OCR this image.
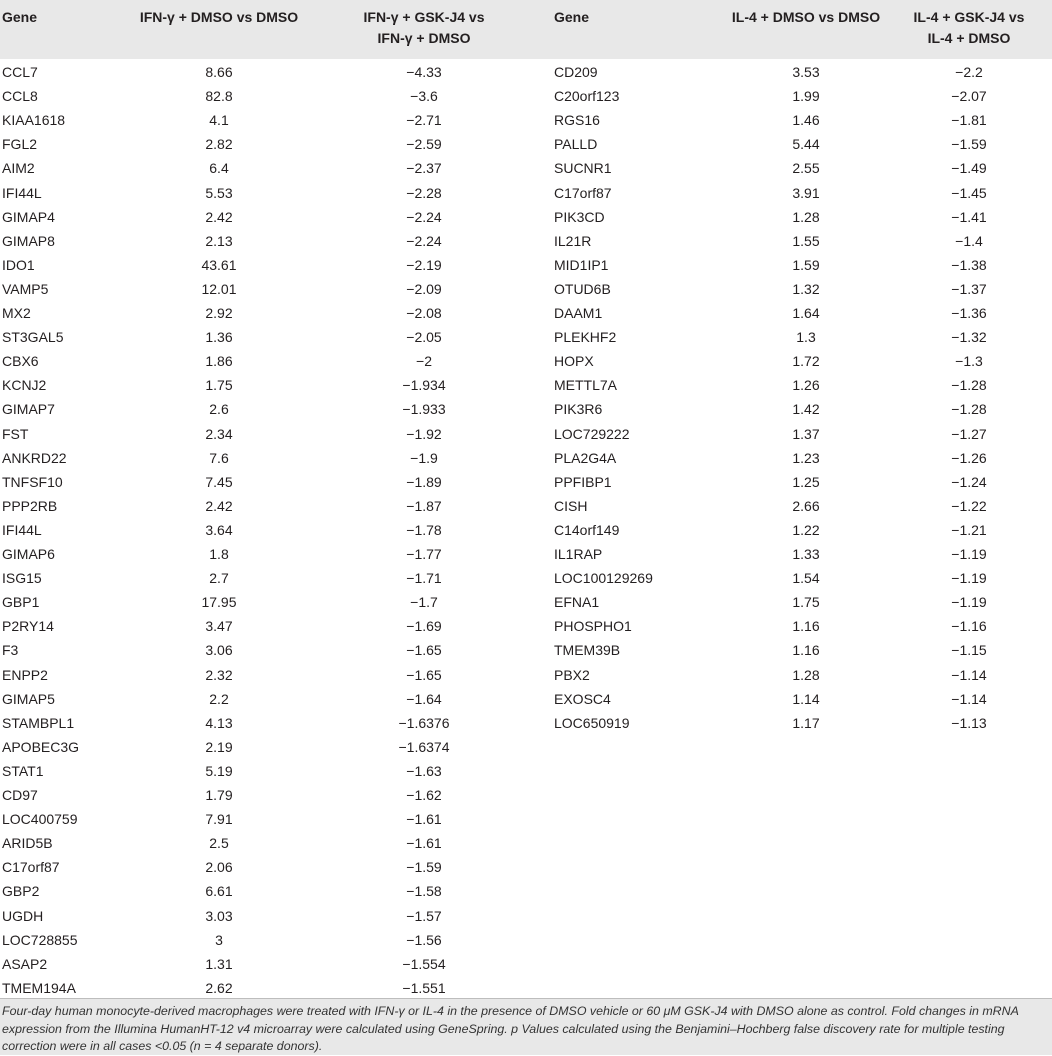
Gene	IFN-γ + DMSO vs DMSO	IFN-γ + GSK-J4 vs
IFN-γ + DMSO
Gene	IL-4 + DMSO vs DMSO	IL-4 + GSK-J4 vs
IL-4 + DMSO
CCL7	8.66	−4.33	CD209	3.53	−2.2
CCL8	82.8	−3.6	C20orf123	1.99	−2.07
KIAA1618	4.1	−2.71	RGS16	1.46	−1.81
FGL2	2.82	−2.59	PALLD	5.44	−1.59
AIM2	6.4	−2.37	SUCNR1	2.55	−1.49
IFI44L	5.53	−2.28	C17orf87	3.91	−1.45
GIMAP4	2.42	−2.24	PIK3CD	1.28	−1.41
GIMAP8	2.13	−2.24	IL21R	1.55	−1.4
IDO1	43.61	−2.19	MID1IP1	1.59	−1.38
VAMP5	12.01	−2.09	OTUD6B	1.32	−1.37
MX2	2.92	−2.08	DAAM1	1.64	−1.36
ST3GAL5	1.36	−2.05	PLEKHF2	1.3	−1.32
CBX6	1.86	−2	HOPX	1.72	−1.3
KCNJ2	1.75	−1.934	METTL7A	1.26	−1.28
GIMAP7	2.6	−1.933	PIK3R6	1.42	−1.28
FST	2.34	−1.92	LOC729222	1.37	−1.27
ANKRD22	7.6	−1.9	PLA2G4A	1.23	−1.26
TNFSF10	7.45	−1.89	PPFIBP1	1.25	−1.24
PPP2RB	2.42	−1.87	CISH	2.66	−1.22
IFI44L	3.64	−1.78	C14orf149	1.22	−1.21
GIMAP6	1.8	−1.77	IL1RAP	1.33	−1.19
ISG15	2.7	−1.71	LOC100129269	1.54	−1.19
GBP1	17.95	−1.7	EFNA1	1.75	−1.19
P2RY14	3.47	−1.69	PHOSPHO1	1.16	−1.16
F3	3.06	−1.65	TMEM39B	1.16	−1.15
ENPP2	2.32	−1.65	PBX2	1.28	−1.14
GIMAP5	2.2	−1.64	EXOSC4	1.14	−1.14
STAMBPL1	4.13	−1.6376	LOC650919	1.17	−1.13
APOBEC3G	2.19	−1.6374
STAT1	5.19	−1.63
CD97	1.79	−1.62
LOC400759	7.91	−1.61
ARID5B	2.5	−1.61
C17orf87	2.06	−1.59
GBP2	6.61	−1.58
UGDH	3.03	−1.57
LOC728855	3	−1.56
ASAP2	1.31	−1.554
TMEM194A	2.62	−1.551

Four-day human monocyte-derived macrophages were treated with IFN-γ or IL-4 in the presence of DMSO vehicle or 60 μM GSK-J4 with DMSO alone as control. Fold changes in mRNA expression from the Illumina HumanHT-12 v4 microarray were calculated using GeneSpring. p Values calculated using the Benjamini–Hochberg false discovery rate for multiple testing correction were in all cases <0.05 (n = 4 separate donors).
